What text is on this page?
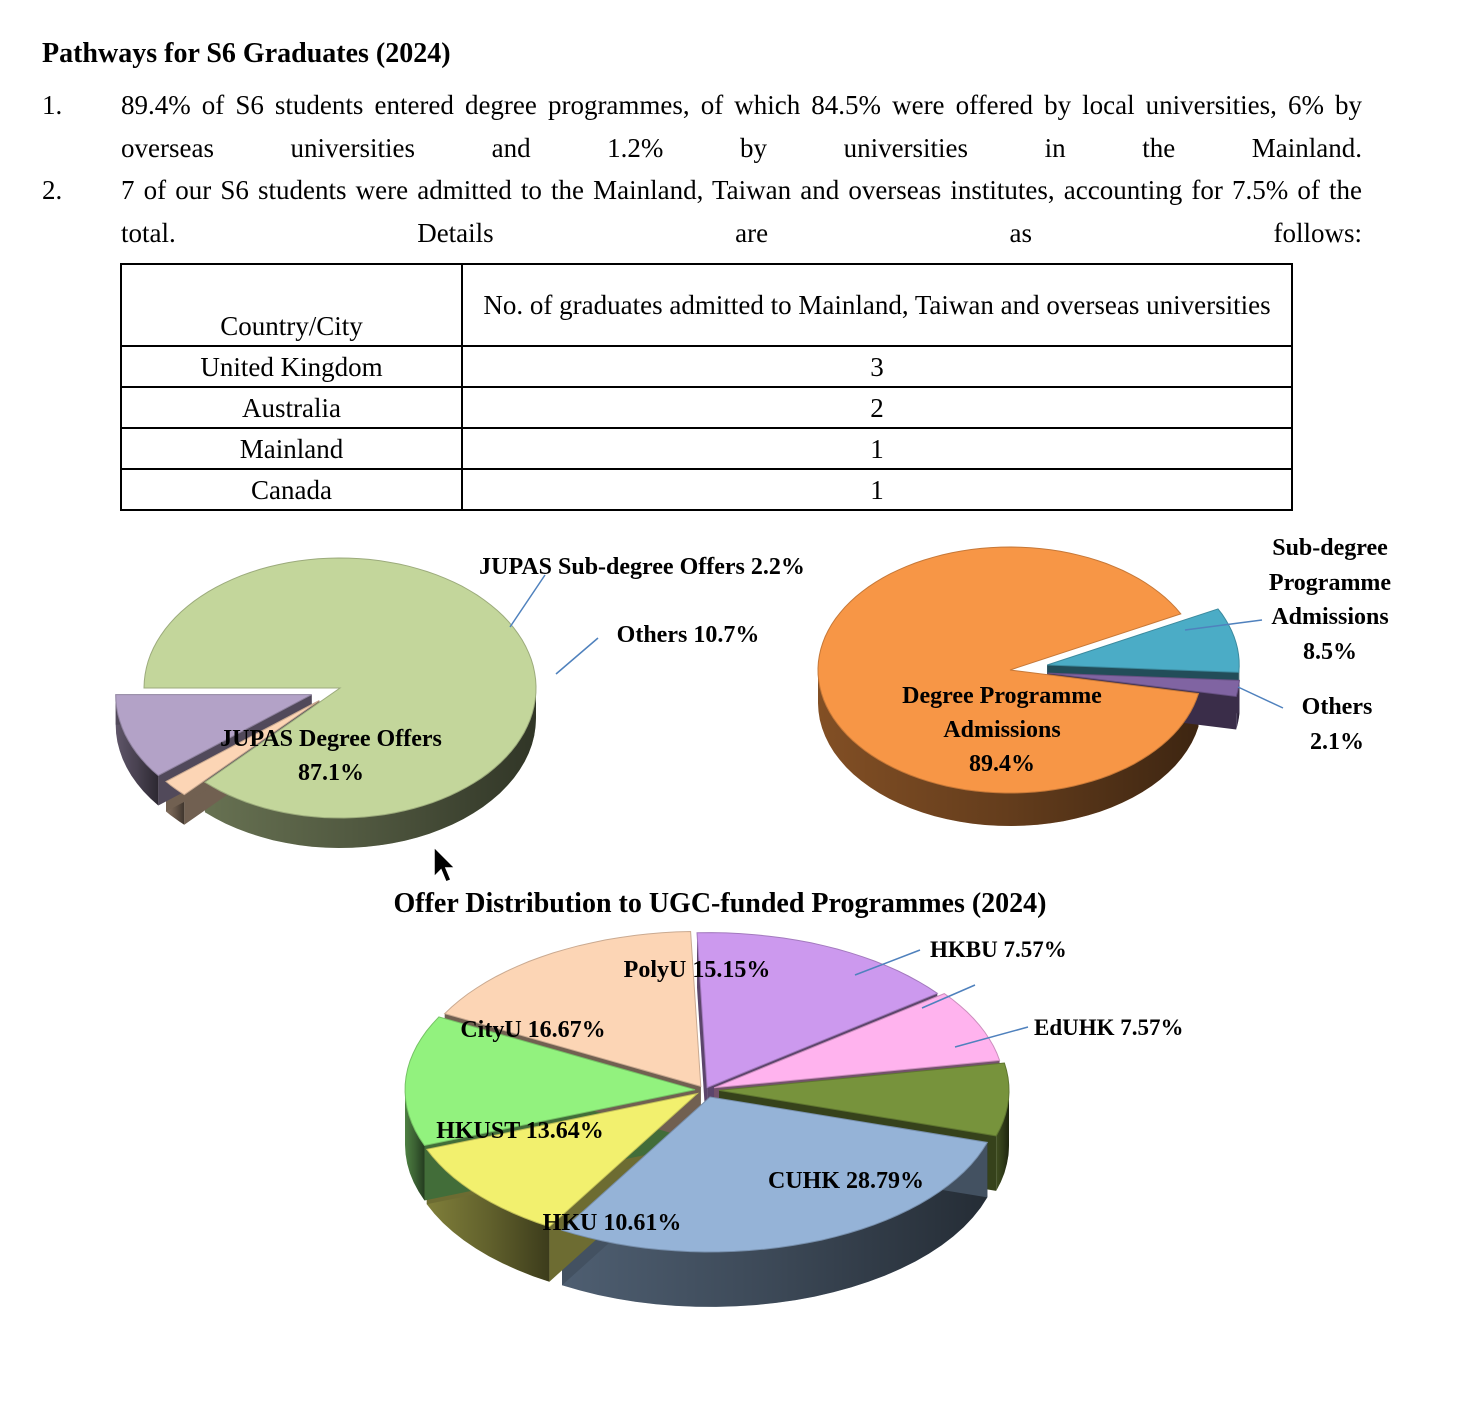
Pathways for S6 Graduates (2024)
1. 89.4% of S6 students entered degree programmes, of which 84.5% were offered by local universities, 6% by overseas universities and 1.2% by universities in the Mainland.
2. 7 of our S6 students were admitted to the Mainland, Taiwan and overseas institutes, accounting for 7.5% of the total. Details are as follows:
Country/City	No. of graduates admitted to Mainland, Taiwan and overseas universities
United Kingdom	3
Australia	2
Mainland	1
Canada	1
JUPAS Degree Offers
87.1%
JUPAS Sub-degree Offers 2.2%
Others 10.7%
Degree Programme
Admissions
89.4%
Sub-degree
Programme
Admissions
8.5%
Others
2.1%
Offer Distribution to UGC-funded Programmes (2024)
PolyU 15.15%
HKBU 7.57%
EdUHK 7.57%
CUHK 28.79%
HKU 10.61%
HKUST 13.64%
CityU 16.67%
